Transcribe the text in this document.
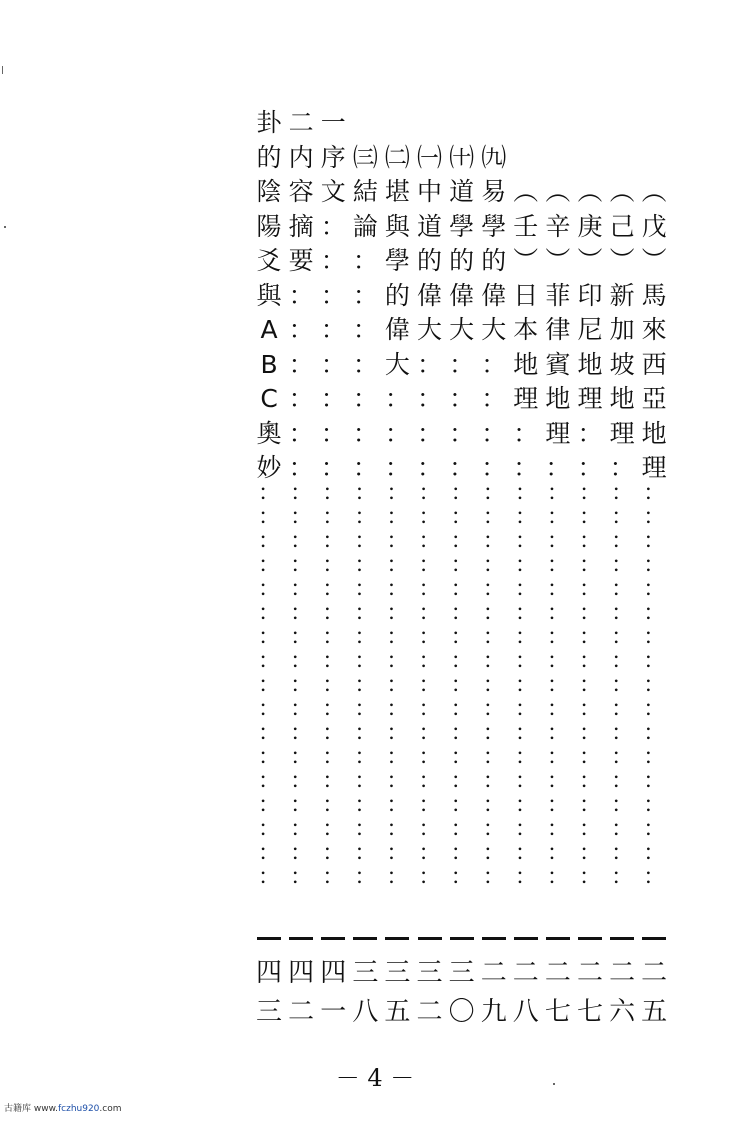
卦 二 一
的 内 序 ㈢ ㈡ ㈠ ㈩ ㈨
陰 容 文 結 堪 中 道 易 ︵ ︵ ︵ ︵ ︵
陽 摘 ： 論 與 道 學 學 壬 辛 庚 己 戊
爻 要 ： ： 學 的 的 的 ︶ ︶ ︶ ︶ ︶
與 ： ： ： 的 偉 偉 偉 日 菲 印 新 馬
A ： ： ： 偉 大 大 大 本 律 尼 加 來
B ： ： ： 大 ： ： ： 地 賓 地 坡 西
C ： ： ： ： ： ： ： 理 地 理 地 亞
奧 ： ： ： ： ： ： ： ： 理 ： 理 地
妙 ： ： ： ： ： ： ： ： ： ： ： 理
：
：
：
：
：
：
：
：
：
：
：
：
：
：
：
：
：
：
：
：
：
：
：
：
：
：
：
：
：
：
：
：
：
：
：
：
：
：
：
：
：
：
：
：
：
：
：
：
：
：
：
：
：
：
：
：
：
：
：
：
：
：
：
：
：
：
：
：
：
：
：
：
：
：
：
：
：
：
：
：
：
：
：
：
：
：
：
：
：
：
：
：
：
：
：
：
：
：
：
：
：
：
：
：
：
：
：
：
：
：
：
：
：
：
：
：
：
：
：
：
：
：
：
：
：
：
：
：
：
：
：
：
：
：
：
：
：
：
：
：
：
：
：
：
：
：
：
：
：
：
：
：
：
：
：
：
：
：
：
：
：
：
：
：
：
：
：
：
：
：
：
：
：
：
：
：
：
：
：
：
：
：
：
：
：
：
：
：
：
：
：
：
：
：
：
：
：
：
：
：
：
：
：
：
：
：
：
：
：
：
：
：
：
：
：
：
：
：
：
：
：
四 四 四 三 三 三 三 二 二 二 二 二 二
三 二 一 八 五 二 〇 九 八 七 七 六 五
－ 4 －
古籍库 www.fczhu920.com
